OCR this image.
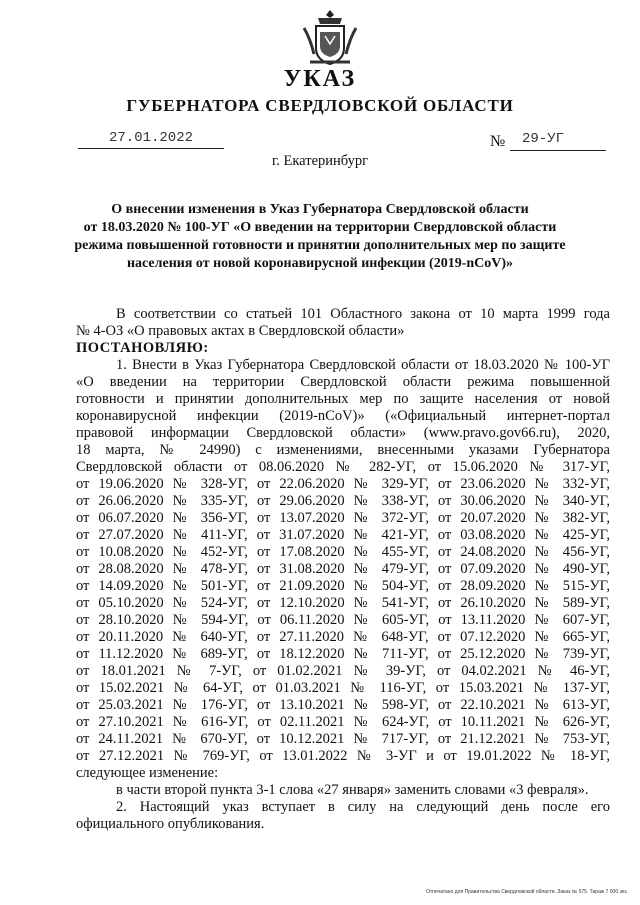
УКАЗ
ГУБЕРНАТОРА СВЕРДЛОВСКОЙ ОБЛАСТИ
27.01.2022	№ 29-УГ
г. Екатеринбург
О внесении изменения в Указ Губернатора Свердловской области
от 18.03.2020 № 100-УГ «О введении на территории Свердловской области
режима повышенной готовности и принятии дополнительных мер по защите
населения от новой коронавирусной инфекции (2019-nCoV)»
В соответствии со статьей 101 Областного закона от 10 марта 1999 года
№ 4-ОЗ «О правовых актах в Свердловской области»
ПОСТАНОВЛЯЮ:
1. Внести в Указ Губернатора Свердловской области от 18.03.2020 № 100-УГ
«О введении на территории Свердловской области режима повышенной
готовности и принятии дополнительных мер по защите населения от новой
коронавирусной инфекции (2019-nCoV)» («Официальный интернет-портал
правовой информации Свердловской области» (www.pravo.gov66.ru), 2020,
18 марта, № 24990) с изменениями, внесенными указами Губернатора
Свердловской области от 08.06.2020 № 282-УГ, от 15.06.2020 № 317-УГ,
от 19.06.2020 № 328-УГ, от 22.06.2020 № 329-УГ, от 23.06.2020 № 332-УГ,
от 26.06.2020 № 335-УГ, от 29.06.2020 № 338-УГ, от 30.06.2020 № 340-УГ,
от 06.07.2020 № 356-УГ, от 13.07.2020 № 372-УГ, от 20.07.2020 № 382-УГ,
от 27.07.2020 № 411-УГ, от 31.07.2020 № 421-УГ, от 03.08.2020 № 425-УГ,
от 10.08.2020 № 452-УГ, от 17.08.2020 № 455-УГ, от 24.08.2020 № 456-УГ,
от 28.08.2020 № 478-УГ, от 31.08.2020 № 479-УГ, от 07.09.2020 № 490-УГ,
от 14.09.2020 № 501-УГ, от 21.09.2020 № 504-УГ, от 28.09.2020 № 515-УГ,
от 05.10.2020 № 524-УГ, от 12.10.2020 № 541-УГ, от 26.10.2020 № 589-УГ,
от 28.10.2020 № 594-УГ, от 06.11.2020 № 605-УГ, от 13.11.2020 № 607-УГ,
от 20.11.2020 № 640-УГ, от 27.11.2020 № 648-УГ, от 07.12.2020 № 665-УГ,
от 11.12.2020 № 689-УГ, от 18.12.2020 № 711-УГ, от 25.12.2020 № 739-УГ,
от 18.01.2021 № 7-УГ, от 01.02.2021 № 39-УГ, от 04.02.2021 № 46-УГ,
от 15.02.2021 № 64-УГ, от 01.03.2021 № 116-УГ, от 15.03.2021 № 137-УГ,
от 25.03.2021 № 176-УГ, от 13.10.2021 № 598-УГ, от 22.10.2021 № 613-УГ,
от 27.10.2021 № 616-УГ, от 02.11.2021 № 624-УГ, от 10.11.2021 № 626-УГ,
от 24.11.2021 № 670-УГ, от 10.12.2021 № 717-УГ, от 21.12.2021 № 753-УГ,
от 27.12.2021 № 769-УГ, от 13.01.2022 № 3-УГ и от 19.01.2022 № 18-УГ,
следующее изменение:
в части второй пункта 3-1 слова «27 января» заменить словами «3 февраля».
2. Настоящий указ вступает в силу на следующий день после его
официального опубликования.
Отпечатано для Правительства Свердловской области. Заказ № 575. Тираж 7 000 экз.
